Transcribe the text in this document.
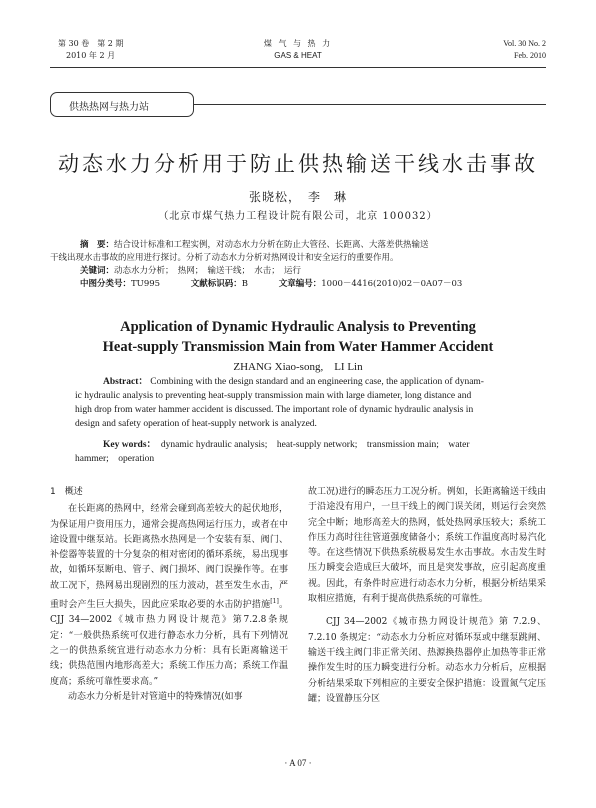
第 30 卷　第 2 期
2010 年 2 月
煤 气 与 热 力
GAS & HEAT
Vol. 30 No. 2
Feb. 2010
供热热网与热力站
动态水力分析用于防止供热输送干线水击事故
张晓松，　李　琳
（北京市煤气热力工程设计院有限公司，北京 100032）

摘　要：结合设计标准和工程实例，对动态水力分析在防止大管径、长距离、大落差供热输送

干线出现水击事故的应用进行探讨。分析了动态水力分析对热网设计和安全运行的重要作用。

关键词：动态水力分析；　热网；　输送干线；　水击；　运行

中图分类号：TU995	文献标识码：B	文章编号：1000－4416(2010)02－0A07－03

Application of Dynamic Hydraulic Analysis to Preventing
Heat-supply Transmission Main from Water Hammer Accident
ZHANG Xiao-song,　LI Lin

Abstract： Combining with the design standard and an engineering case, the application of dynam-

ic hydraulic analysis to preventing heat-supply transmission main with large diameter, long distance and

high drop from water hammer accident is discussed. The important role of dynamic hydraulic analysis in

design and safety operation of heat-supply network is analyzed.

Key words：　 dynamic hydraulic analysis;　heat-supply network;　transmission main;　water

hammer;　operation

1　概述

在长距离的热网中，经常会碰到高差较大的起伏地形，为保证用户资用压力，通常会提高热网运行压力，或者在中途设置中继泵站。长距离热水热网是一个安装有泵、阀门、补偿器等装置的十分复杂的相对密闭的循环系统，易出现事故，如循环泵断电、管子、阀门损坏、阀门误操作等。在事故工况下，热网易出现剧烈的压力波动，甚至发生水击，严重时会产生巨大损失，因此应采取必要的水击防护措施[1]。CJJ 34—2002《城市热力网设计规范》第7.2.8条规定：“一般供热系统可仅进行静态水力分析，具有下列情况之一的供热系统宜进行动态水力分析：具有长距离输送干线；供热范围内地形高差大；系统工作压力高；系统工作温度高；系统可靠性要求高。”

动态水力分析是针对管道中的特殊情况(如事

故工况)进行的瞬态压力工况分析。例如，长距离输送干线由于沿途没有用户，一旦干线上的阀门误关闭，则运行会突然完全中断；地形高差大的热网，低处热网承压较大；系统工作压力高时往往管道强度储备小；系统工作温度高时易汽化等。在这些情况下供热系统极易发生水击事故。水击发生时压力瞬变会造成巨大破坏，而且是突发事故，应引起高度重视。因此，有条件时应进行动态水力分析，根据分析结果采取相应措施，有利于提高供热系统的可靠性。

CJJ 34—2002《城市热力网设计规范》第 7.2.9、7.2.10 条规定：“动态水力分析应对循环泵或中继泵跳闸、输送干线主阀门非正常关闭、热源换热器停止加热等非正常操作发生时的压力瞬变进行分析。动态水力分析后，应根据分析结果采取下列相应的主要安全保护措施：设置氮气定压罐；设置静压分区

· A 07 ·
